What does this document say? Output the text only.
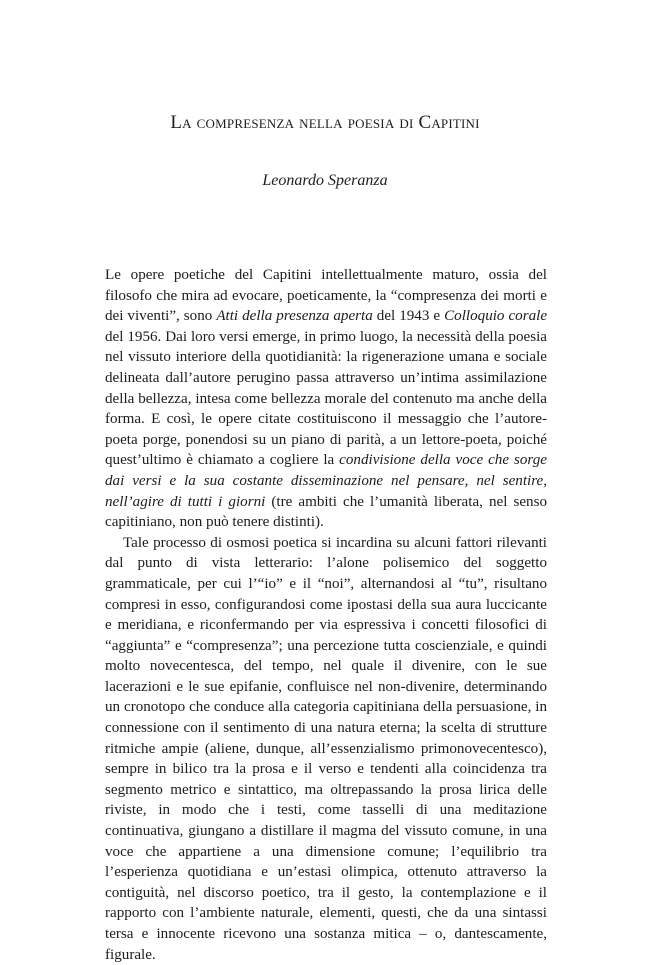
La compresenza nella poesia di Capitini
Leonardo Speranza

Le opere poetiche del Capitini intellettualmente maturo, ossia del filosofo che mira ad evocare, poeticamente, la “compresenza dei morti e dei viventi”, sono Atti della presenza aperta del 1943 e Colloquio corale del 1956. Dai loro versi emerge, in primo luogo, la necessità della poesia nel vissuto interiore della quotidianità: la rigenerazione umana e sociale delineata dall’autore perugino passa attraverso un’intima assimilazione della bellezza, intesa come bellezza morale del contenuto ma anche della forma. E così, le opere citate costituiscono il messaggio che l’autore-poeta porge, ponendosi su un piano di parità, a un lettore-poeta, poiché quest’ultimo è chiamato a cogliere la condivisione della voce che sorge dai versi e la sua costante disseminazione nel pensare, nel sentire, nell’agire di tutti i giorni (tre ambiti che l’umanità liberata, nel senso capitiniano, non può tenere distinti).

Tale processo di osmosi poetica si incardina su alcuni fattori rilevanti dal punto di vista letterario: l’alone polisemico del soggetto grammaticale, per cui l’“io” e il “noi”, alternandosi al “tu”, risultano compresi in esso, configurandosi come ipostasi della sua aura luccicante e meridiana, e riconfermando per via espressiva i concetti filosofici di “aggiunta” e “compresenza”; una percezione tutta coscienziale, e quindi molto novecentesca, del tempo, nel quale il divenire, con le sue lacerazioni e le sue epifanie, confluisce nel non-divenire, determinando un cronotopo che conduce alla categoria capitiniana della persuasione, in connessione con il sentimento di una natura eterna; la scelta di strutture ritmiche ampie (aliene, dunque, all’essenzialismo primonovecentesco), sempre in bilico tra la prosa e il verso e tendenti alla coincidenza tra segmento metrico e sintattico, ma oltrepassando la prosa lirica delle riviste, in modo che i testi, come tasselli di una meditazione continuativa, giungano a distillare il magma del vissuto comune, in una voce che appartiene a una dimensione comune; l’equilibrio tra l’esperienza quotidiana e un’estasi olimpica, ottenuto attraverso la contiguità, nel discorso poetico, tra il gesto, la contemplazione e il rapporto con l’ambiente naturale, elementi, questi, che da una sintassi tersa e innocente ricevono una sostanza mitica – o, dantescamente, figurale.
